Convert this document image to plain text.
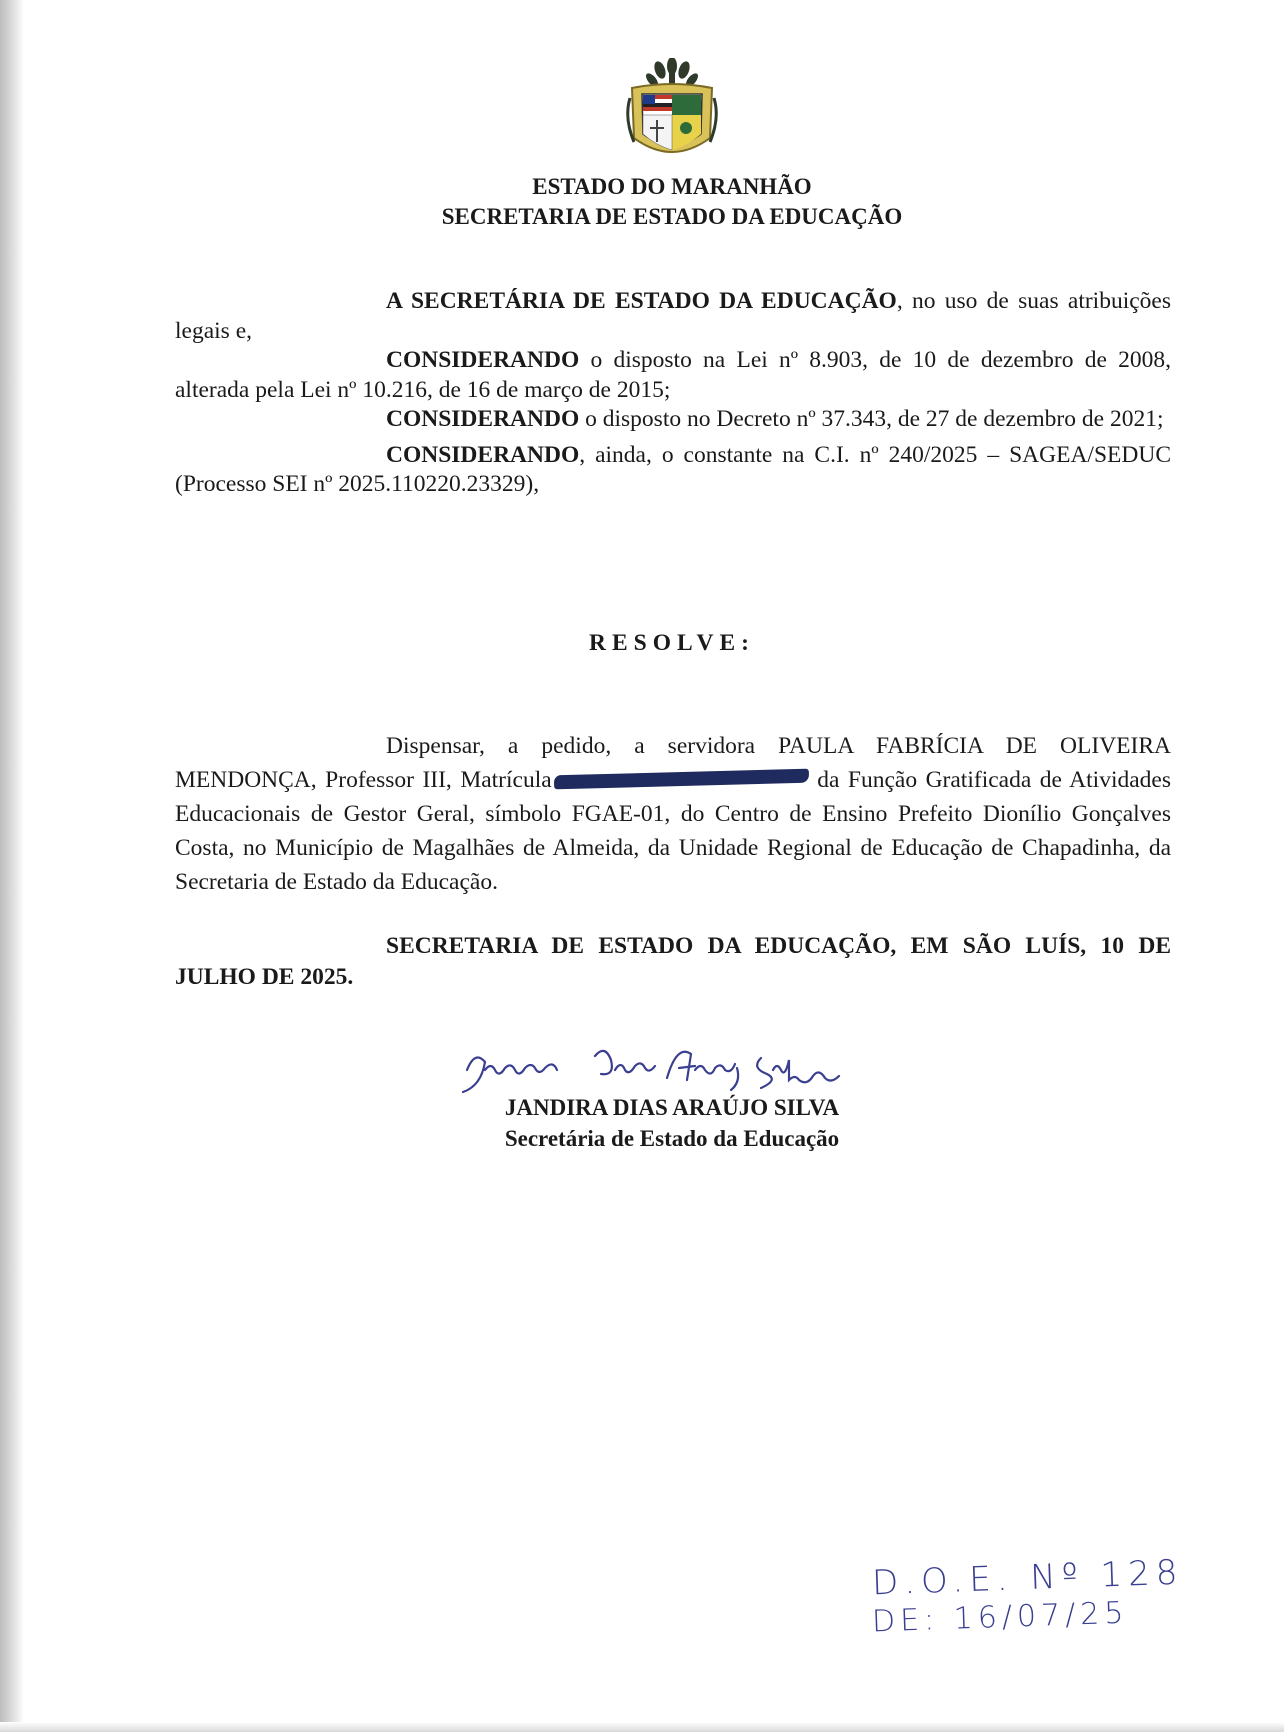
ESTADO DO MARANHÃO
SECRETARIA DE ESTADO DA EDUCAÇÃO

A SECRETÁRIA DE ESTADO DA EDUCAÇÃO, no uso de suas atribuições legais e,

CONSIDERANDO o disposto na Lei nº 8.903, de 10 de dezembro de 2008, alterada pela Lei nº 10.216, de 16 de março de 2015;

CONSIDERANDO o disposto no Decreto nº 37.343, de 27 de dezembro de 2021;

CONSIDERANDO, ainda, o constante na C.I. nº 240/2025 – SAGEA/SEDUC (Processo SEI nº 2025.110220.23329),

RESOLVE:

Dispensar, a pedido, a servidora PAULA FABRÍCIA DE OLIVEIRA MENDONÇA, Professor III, Matrícula	da Função Gratificada de Atividades Educacionais de Gestor Geral, símbolo FGAE-01, do Centro de Ensino Prefeito Dionílio Gonçalves Costa, no Município de Magalhães de Almeida, da Unidade Regional de Educação de Chapadinha, da Secretaria de Estado da Educação.

SECRETARIA DE ESTADO DA EDUCAÇÃO, EM SÃO LUÍS, 10 DE JULHO DE 2025.

JANDIRA DIAS ARAÚJO SILVA
Secretária de Estado da Educação
D.O.E. Nº 128
DE: 16/07/25
